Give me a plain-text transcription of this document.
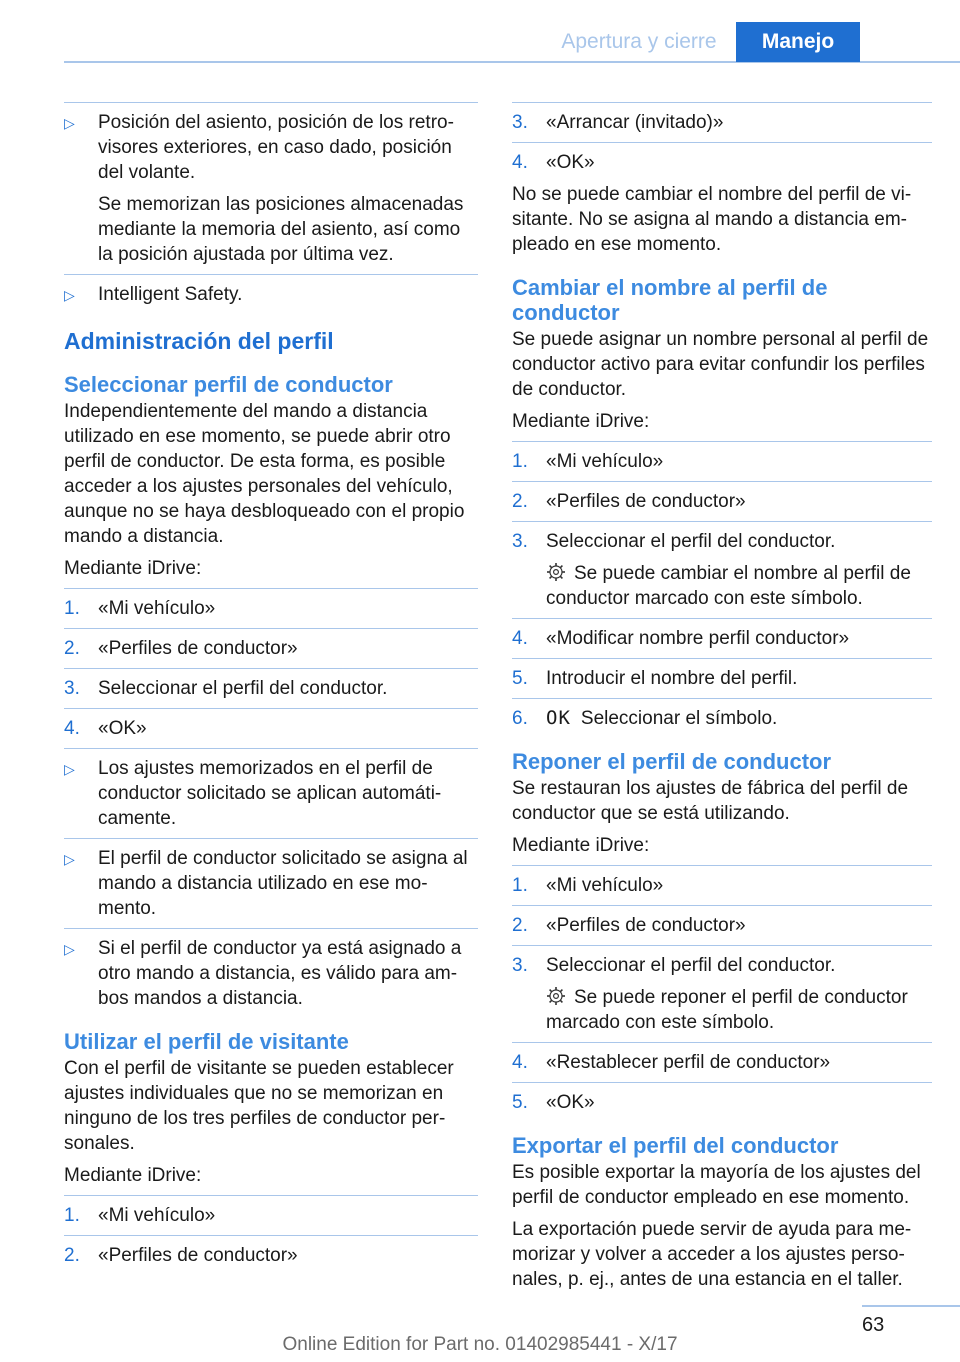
Apertura y cierre	Manejo
▷	Posición del asiento, posición de los retrovisores exteriores, en caso dado, posición del volante.
Se memorizan las posiciones almacenadas mediante la memoria del asiento, así como la posición ajustada por última vez.
▷	Intelligent Safety.
Administración del perfil
Seleccionar perfil de conductor

Independientemente del mando a distancia utilizado en ese momento, se puede abrir otro perfil de conductor. De esta forma, es posible acceder a los ajustes personales del vehículo, aunque no se haya desbloqueado con el propio mando a distancia.

Mediante iDrive:

1. «Mi vehículo»
2. «Perfiles de conductor»
3. Seleccionar el perfil del conductor.
4. «OK»
▷	Los ajustes memorizados en el perfil de conductor solicitado se aplican automáticamente.
▷	El perfil de conductor solicitado se asigna al mando a distancia utilizado en ese momento.
▷	Si el perfil de conductor ya está asignado a otro mando a distancia, es válido para ambos mandos a distancia.
Utilizar el perfil de visitante

Con el perfil de visitante se pueden establecer ajustes individuales que no se memorizan en ninguno de los tres perfiles de conductor personales.

Mediante iDrive:

1. «Mi vehículo»
2. «Perfiles de conductor»
3. «Arrancar (invitado)»
4. «OK»

No se puede cambiar el nombre del perfil de visitante. No se asigna al mando a distancia empleado en ese momento.

Cambiar el nombre al perfil de conductor

Se puede asignar un nombre personal al perfil de conductor activo para evitar confundir los perfiles de conductor.

Mediante iDrive:

1. «Mi vehículo»
2. «Perfiles de conductor»
3. Seleccionar el perfil del conductor.
Se puede cambiar el nombre al perfil de conductor marcado con este símbolo.
4. «Modificar nombre perfil conductor»
5. Introducir el nombre del perfil.
6. OK Seleccionar el símbolo.
Reponer el perfil de conductor

Se restauran los ajustes de fábrica del perfil de conductor que se está utilizando.

Mediante iDrive:

1. «Mi vehículo»
2. «Perfiles de conductor»
3. Seleccionar el perfil del conductor.
Se puede reponer el perfil de conductor marcado con este símbolo.
4. «Restablecer perfil de conductor»
5. «OK»
Exportar el perfil del conductor

Es posible exportar la mayoría de los ajustes del perfil de conductor empleado en ese momento.

La exportación puede servir de ayuda para memorizar y volver a acceder a los ajustes personales, p. ej., antes de una estancia en el taller.

63
Online Edition for Part no. 01402985441 - X/17
